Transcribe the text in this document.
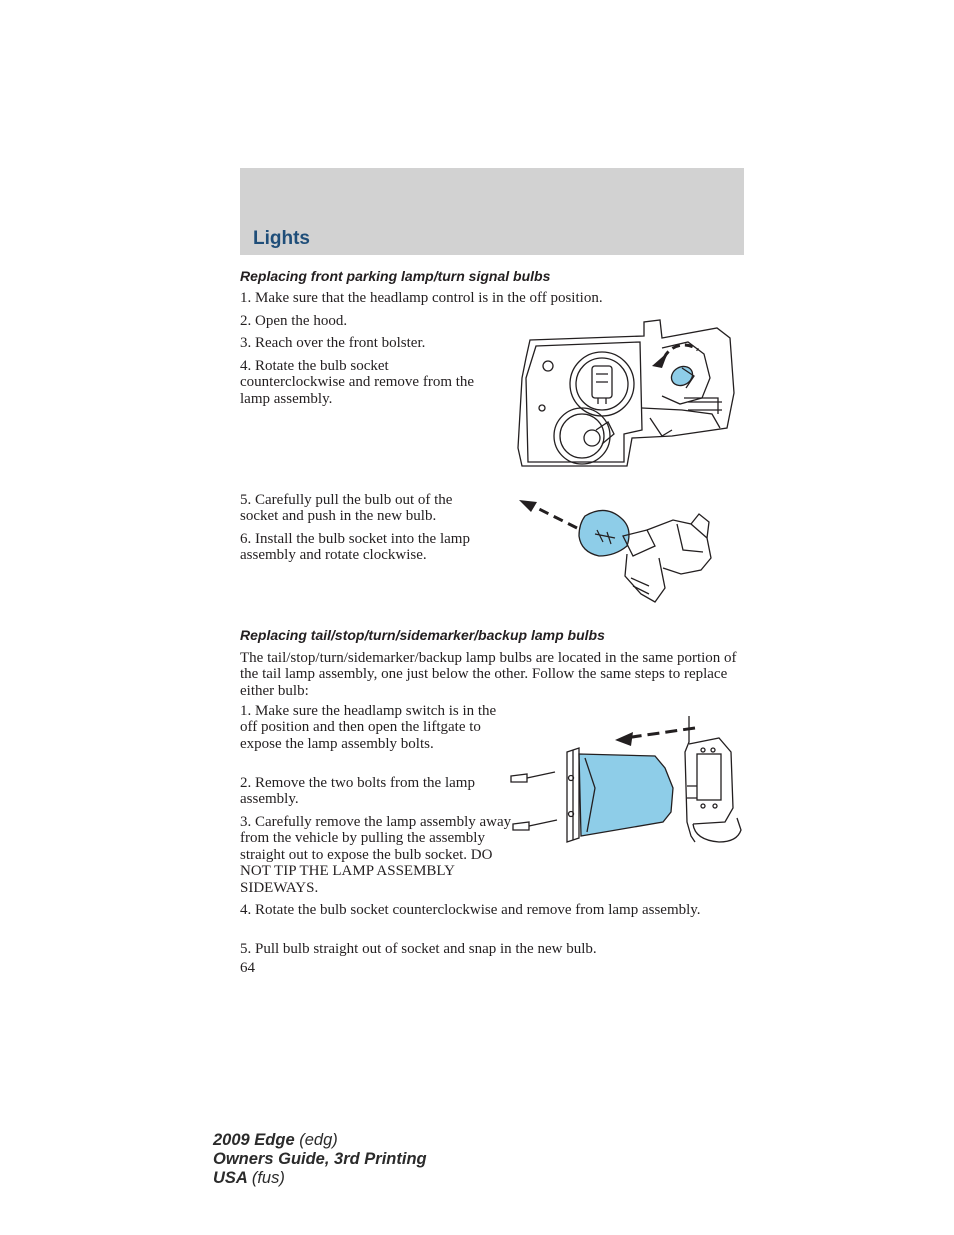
Lights
Replacing front parking lamp/turn signal bulbs
1. Make sure that the headlamp control is in the off position.
2. Open the hood.
3. Reach over the front bolster.
4. Rotate the bulb socket counterclockwise and remove from the lamp assembly.
5. Carefully pull the bulb out of the socket and push in the new bulb.
6. Install the bulb socket into the lamp assembly and rotate clockwise.
Replacing tail/stop/turn/sidemarker/backup lamp bulbs
The tail/stop/turn/sidemarker/backup lamp bulbs are located in the same portion of the tail lamp assembly, one just below the other. Follow the same steps to replace either bulb:
1. Make sure the headlamp switch is in the off position and then open the liftgate to expose the lamp assembly bolts.
2. Remove the two bolts from the lamp assembly.
3. Carefully remove the lamp assembly away from the vehicle by pulling the assembly straight out to expose the bulb socket. DO NOT TIP THE LAMP ASSEMBLY SIDEWAYS.
4. Rotate the bulb socket counterclockwise and remove from lamp assembly.
5. Pull bulb straight out of socket and snap in the new bulb.
64
2009 Edge (edg)
Owners Guide, 3rd Printing
USA (fus)
